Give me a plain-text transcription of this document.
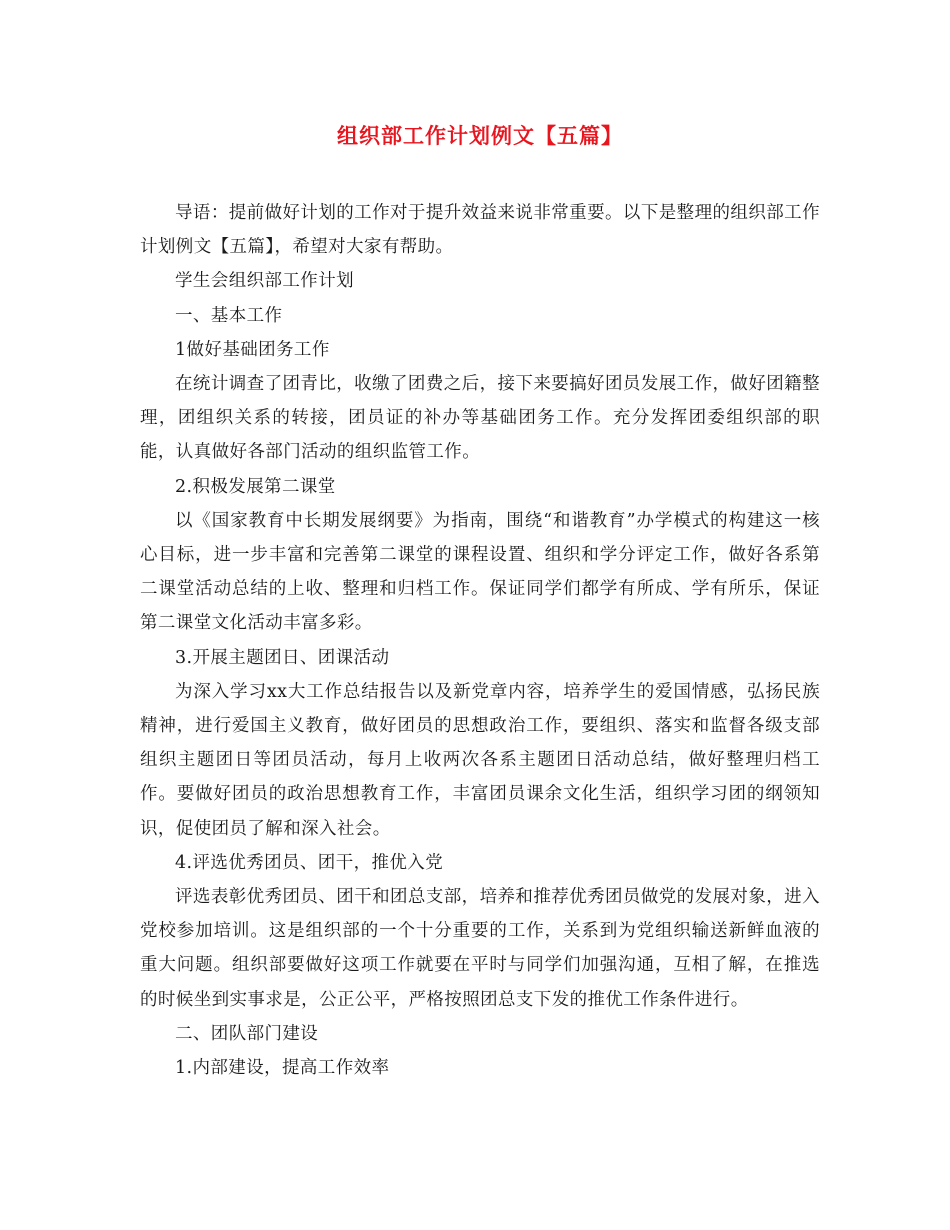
组织部工作计划例文【五篇】

导语：提前做好计划的工作对于提升效益来说非常重要。以下是整理的组织部工作计划例文【五篇】，希望对大家有帮助。

学生会组织部工作计划

一、基本工作

1做好基础团务工作

在统计调查了团青比，收缴了团费之后，接下来要搞好团员发展工作，做好团籍整理，团组织关系的转接，团员证的补办等基础团务工作。充分发挥团委组织部的职能，认真做好各部门活动的组织监管工作。

2.积极发展第二课堂

以《国家教育中长期发展纲要》为指南，围绕“和谐教育”办学模式的构建这一核心目标，进一步丰富和完善第二课堂的课程设置、组织和学分评定工作，做好各系第二课堂活动总结的上收、整理和归档工作。保证同学们都学有所成、学有所乐，保证第二课堂文化活动丰富多彩。

3.开展主题团日、团课活动

为深入学习xx大工作总结报告以及新党章内容，培养学生的爱国情感，弘扬民族精神，进行爱国主义教育，做好团员的思想政治工作，要组织、落实和监督各级支部组织主题团日等团员活动，每月上收两次各系主题团日活动总结，做好整理归档工作。要做好团员的政治思想教育工作，丰富团员课余文化生活，组织学习团的纲领知识，促使团员了解和深入社会。

4.评选优秀团员、团干，推优入党

评选表彰优秀团员、团干和团总支部，培养和推荐优秀团员做党的发展对象，进入党校参加培训。这是组织部的一个十分重要的工作，关系到为党组织输送新鲜血液的重大问题。组织部要做好这项工作就要在平时与同学们加强沟通，互相了解，在推选的时候坐到实事求是，公正公平，严格按照团总支下发的推优工作条件进行。

二、团队部门建设

1.内部建设，提高工作效率
